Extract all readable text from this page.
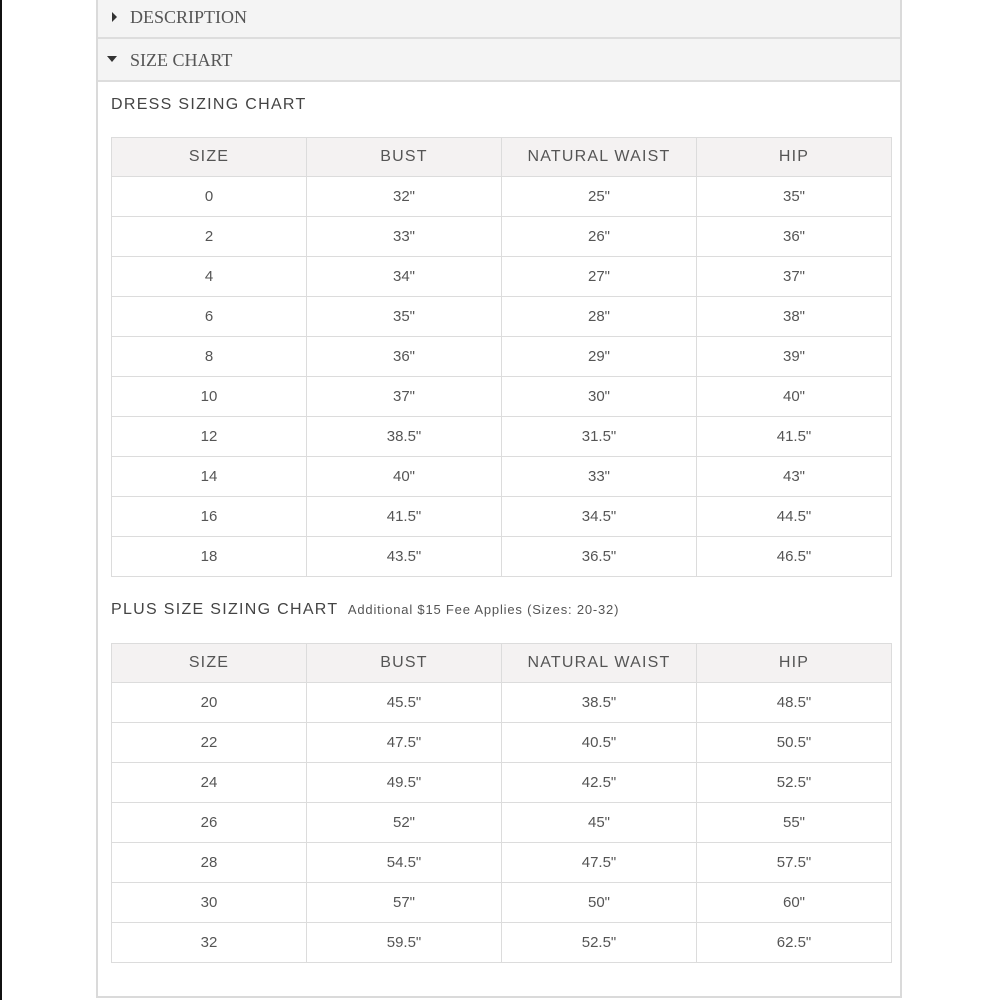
DESCRIPTION
SIZE CHART
DRESS SIZING CHART
SIZE	BUST	NATURAL WAIST	HIP
0	32"	25"	35"
2	33"	26"	36"
4	34"	27"	37"
6	35"	28"	38"
8	36"	29"	39"
10	37"	30"	40"
12	38.5"	31.5"	41.5"
14	40"	33"	43"
16	41.5"	34.5"	44.5"
18	43.5"	36.5"	46.5"
PLUS SIZE SIZING CHART Additional $15 Fee Applies (Sizes: 20-32)
SIZE	BUST	NATURAL WAIST	HIP
20	45.5"	38.5"	48.5"
22	47.5"	40.5"	50.5"
24	49.5"	42.5"	52.5"
26	52"	45"	55"
28	54.5"	47.5"	57.5"
30	57"	50"	60"
32	59.5"	52.5"	62.5"
